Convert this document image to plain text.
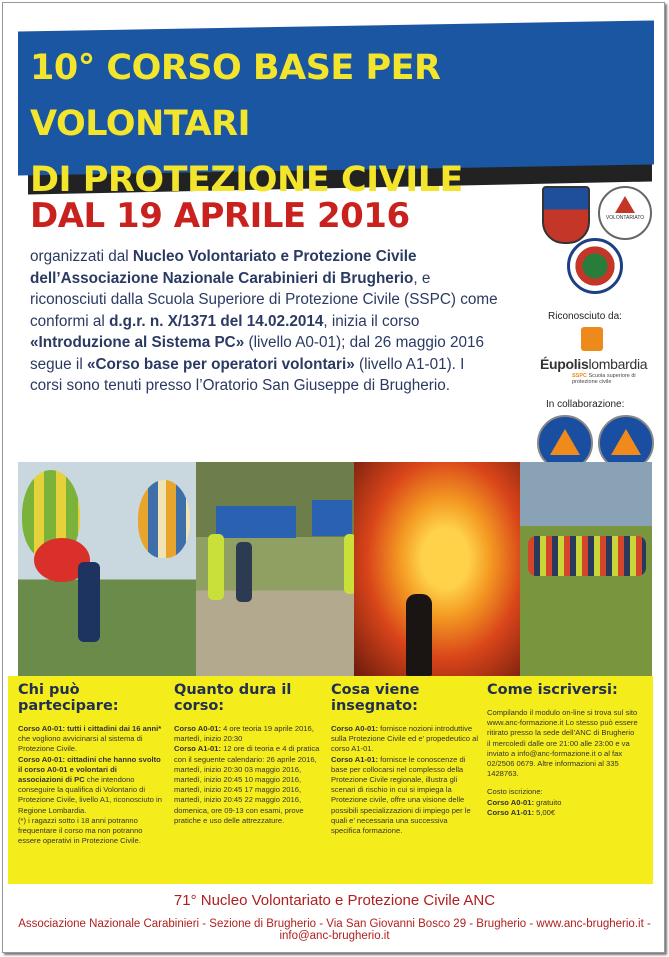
10° CORSO BASE PER VOLONTARI
DI PROTEZIONE CIVILE
DAL 19 APRILE 2016
organizzati dal Nucleo Volontariato e Protezione Civile dell’Associazione Nazionale Carabinieri di Brugherio, e riconosciuti dalla Scuola Superiore di Protezione Civile (SSPC) come conformi al d.g.r. n. X/1371 del 14.02.2014, inizia il corso «Introduzione al Sistema PC» (livello A0-01); dal 26 maggio 2016 segue il «Corso base per operatori volontari» (livello A1-01). I corsi sono tenuti presso l’Oratorio San Giuseppe di Brugherio.
Corso organizzato da:
VOLONTARIATO
Riconosciuto da:
Éupolislombardia
SSPC Scuola superiore di protezione civile
In collaborazione:
Chi può partecipare:

Corso A0-01: tutti i cittadini dai 16 anni* che vogliono avvicinarsi al sistema di Protezione Civile.

Corso A0-01: cittadini che hanno svolto il corso A0-01 e volontari di associazioni di PC che intendono conseguire la qualifica di Volontario di Protezione Civile, livello A1, riconosciuto in Regione Lombardia.

(*) i ragazzi sotto i 18 anni potranno frequentare il corso ma non potranno essere operativi in Protezione Civile.

Quanto dura il corso:

Corso A0-01: 4 ore teoria 19 aprile 2016, martedì, inizio 20:30

Corso A1-01: 12 ore di teoria e 4 di pratica con il seguente calendario: 26 aprile 2016, martedì, inizio 20:30 03 maggio 2016, martedì, inizio 20:45 10 maggio 2016, martedì, inizio 20:45 17 maggio 2016, martedì, inizio 20:45 22 maggio 2016, domenica, ore 09-13 con esami, prove pratiche e uso delle attrezzature.

Cosa viene insegnato:

Corso A0-01: fornisce nozioni introduttive sulla Protezione Civile ed e’ propedeutico al corso A1-01.

Corso A1-01: fornisce le conoscenze di base per collocarsi nel complesso della Protezione Civile regionale, illustra gli scenari di rischio in cui si impiega la Protezione civile, offre una visione delle possibili specializzazioni di impiego per le quali e’ necessaria una successiva specifica formazione.

Come iscriversi:

Compilando il modulo on-line si trova sul sito www.anc-formazione.it Lo stesso può essere ritirato presso la sede dell’ANC di Brugherio il mercoledì dalle ore 21:00 alle 23:00 e va inviato a info@anc-formazione.it o al fax 02/2506 0679. Altre informazioni al 335 1428763.

Costo iscrizione:

Corso A0-01: gratuito

Corso A1-01: 5,00€

71° Nucleo Volontariato e Protezione Civile ANC
Associazione Nazionale Carabinieri - Sezione di Brugherio - Via San Giovanni Bosco 29 - Brugherio - www.anc-brugherio.it - info@anc-brugherio.it
